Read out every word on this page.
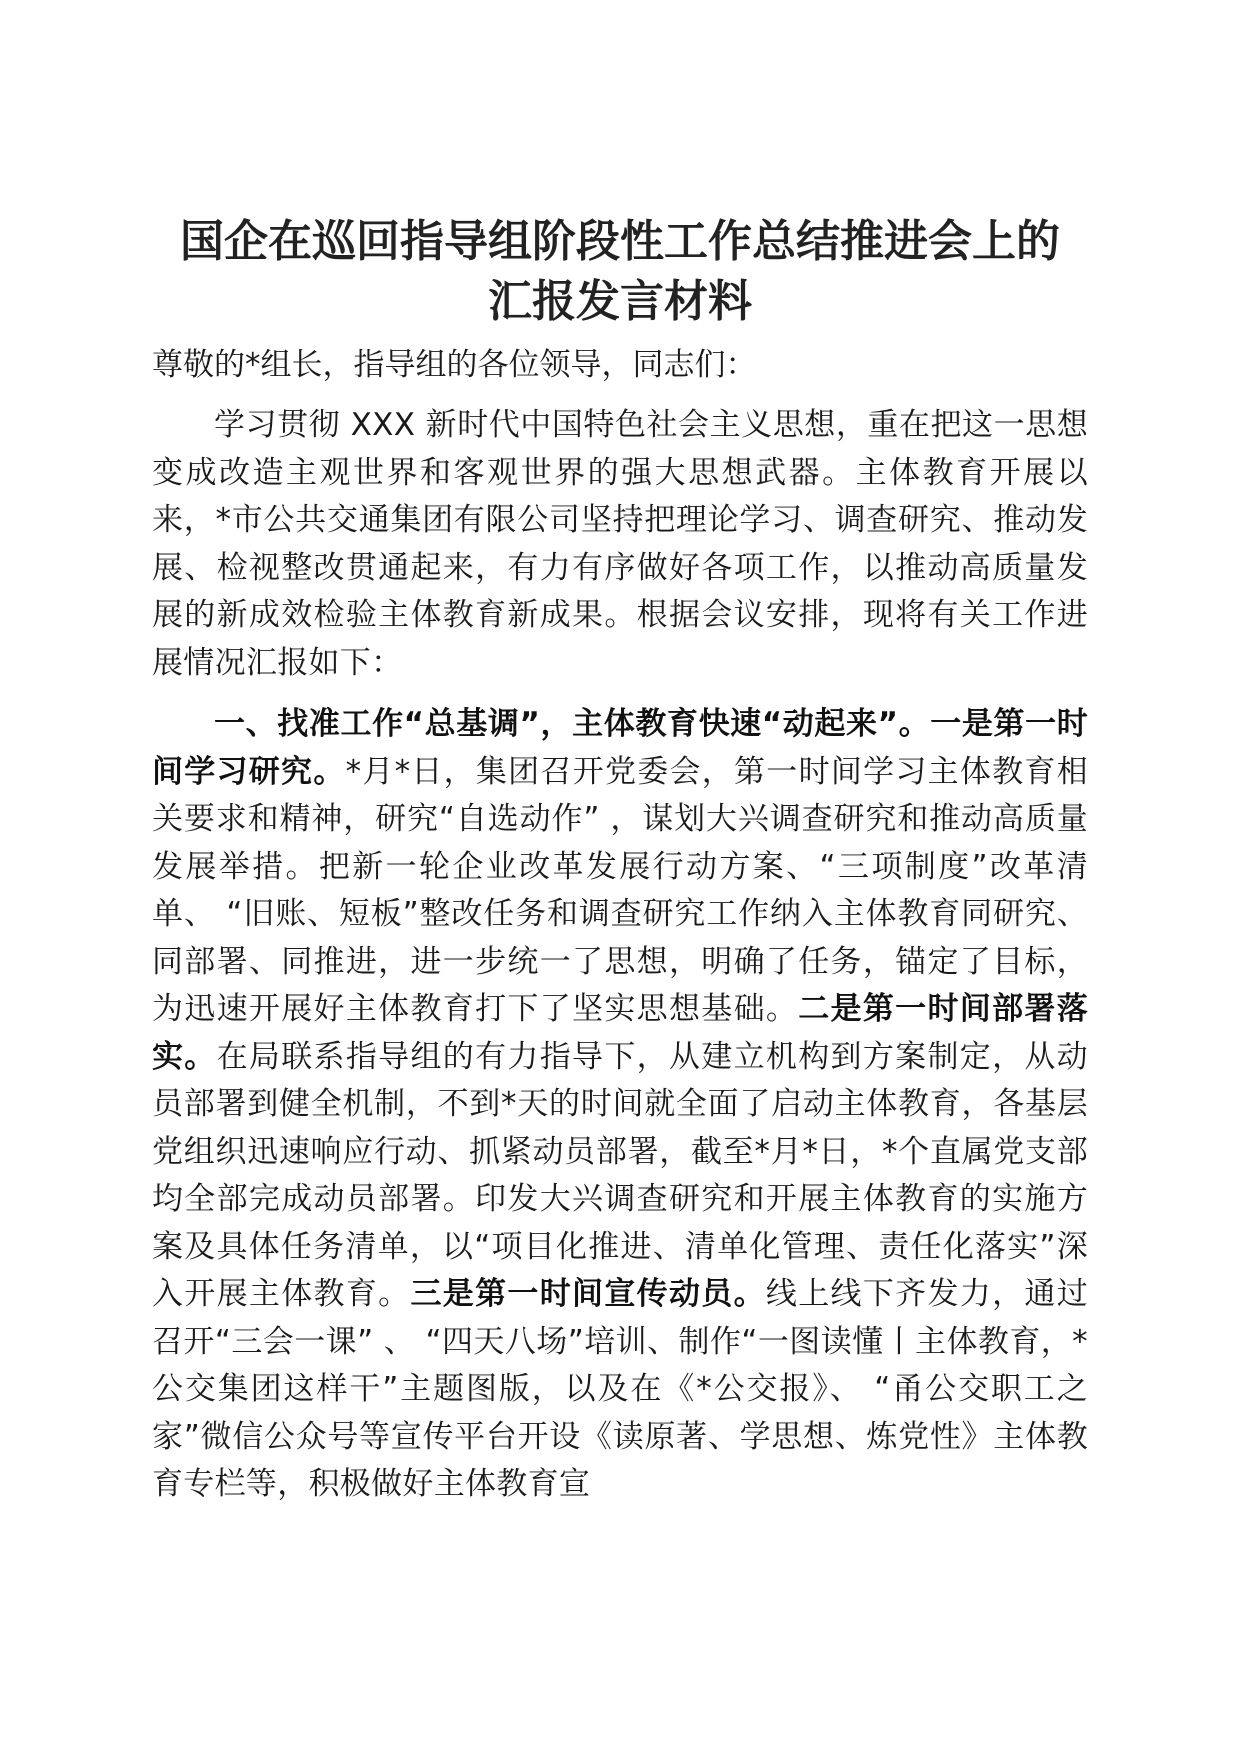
国企在巡回指导组阶段性工作总结推进会上的
汇报发言材料

尊敬的*组长，指导组的各位领导，同志们：

学习贯彻 XXX 新时代中国特色社会主义思想，重在把这一思想变成改造主观世界和客观世界的强大思想武器。主体教育开展以来，*市公共交通集团有限公司坚持把理论学习、调查研究、推动发展、检视整改贯通起来，有力有序做好各项工作，以推动高质量发展的新成效检验主体教育新成果。根据会议安排，现将有关工作进展情况汇报如下：

一、找准工作“总基调”，主体教育快速“动起来”。一是第一时间学习研究。*月*日，集团召开党委会，第一时间学习主体教育相关要求和精神，研究“自选动作” ，谋划大兴调查研究和推动高质量发展举措。把新一轮企业改革发展行动方案、“三项制度”改革清单、 “旧账、短板”整改任务和调查研究工作纳入主体教育同研究、同部署、同推进，进一步统一了思想，明确了任务，锚定了目标，为迅速开展好主体教育打下了坚实思想基础。二是第一时间部署落实。在局联系指导组的有力指导下，从建立机构到方案制定，从动员部署到健全机制，不到*天的时间就全面了启动主体教育，各基层党组织迅速响应行动、抓紧动员部署，截至*月*日，*个直属党支部均全部完成动员部署。印发大兴调查研究和开展主体教育的实施方案及具体任务清单，以“项目化推进、清单化管理、责任化落实”深入开展主体教育。三是第一时间宣传动员。线上线下齐发力，通过召开“三会一课” 、 “四天八场”培训、制作“一图读懂丨主体教育，*公交集团这样干”主题图版，以及在《*公交报》、 “甬公交职工之家”微信公众号等宣传平台开设《读原著、学思想、炼党性》主体教育专栏等，积极做好主体教育宣
